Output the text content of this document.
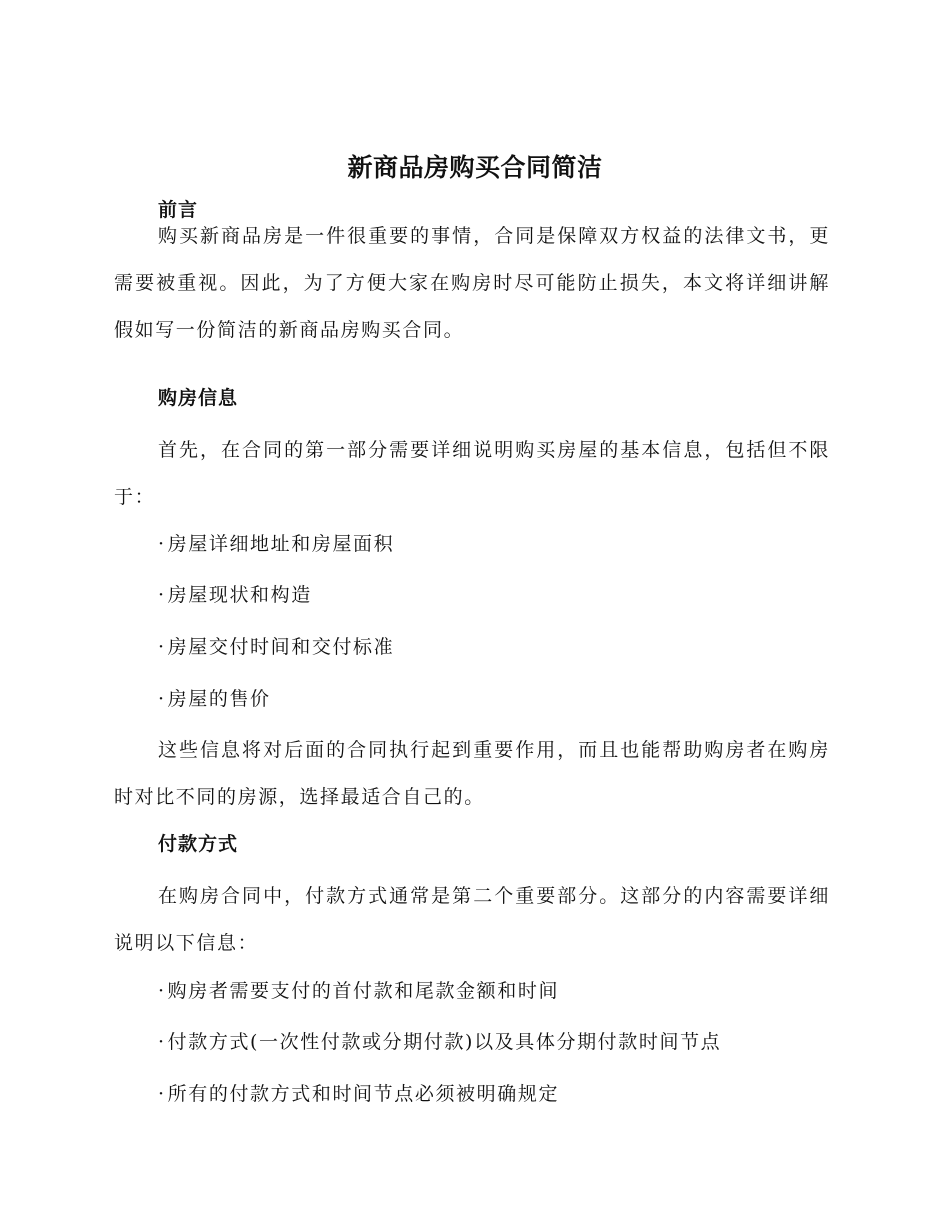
新商品房购买合同简洁
前言

购买新商品房是一件很重要的事情，合同是保障双方权益的法律文书，更需要被重视。因此，为了方便大家在购房时尽可能防止损失，本文将详细讲解假如写一份简洁的新商品房购买合同。

购房信息

首先，在合同的第一部分需要详细说明购买房屋的基本信息，包括但不限于：

· 房屋详细地址和房屋面积
· 房屋现状和构造
· 房屋交付时间和交付标准
· 房屋的售价

这些信息将对后面的合同执行起到重要作用，而且也能帮助购房者在购房时对比不同的房源，选择最适合自己的。

付款方式

在购房合同中，付款方式通常是第二个重要部分。这部分的内容需要详细说明以下信息：

· 购房者需要支付的首付款和尾款金额和时间
· 付款方式(一次性付款或分期付款)以及具体分期付款时间节点
· 所有的付款方式和时间节点必须被明确规定
